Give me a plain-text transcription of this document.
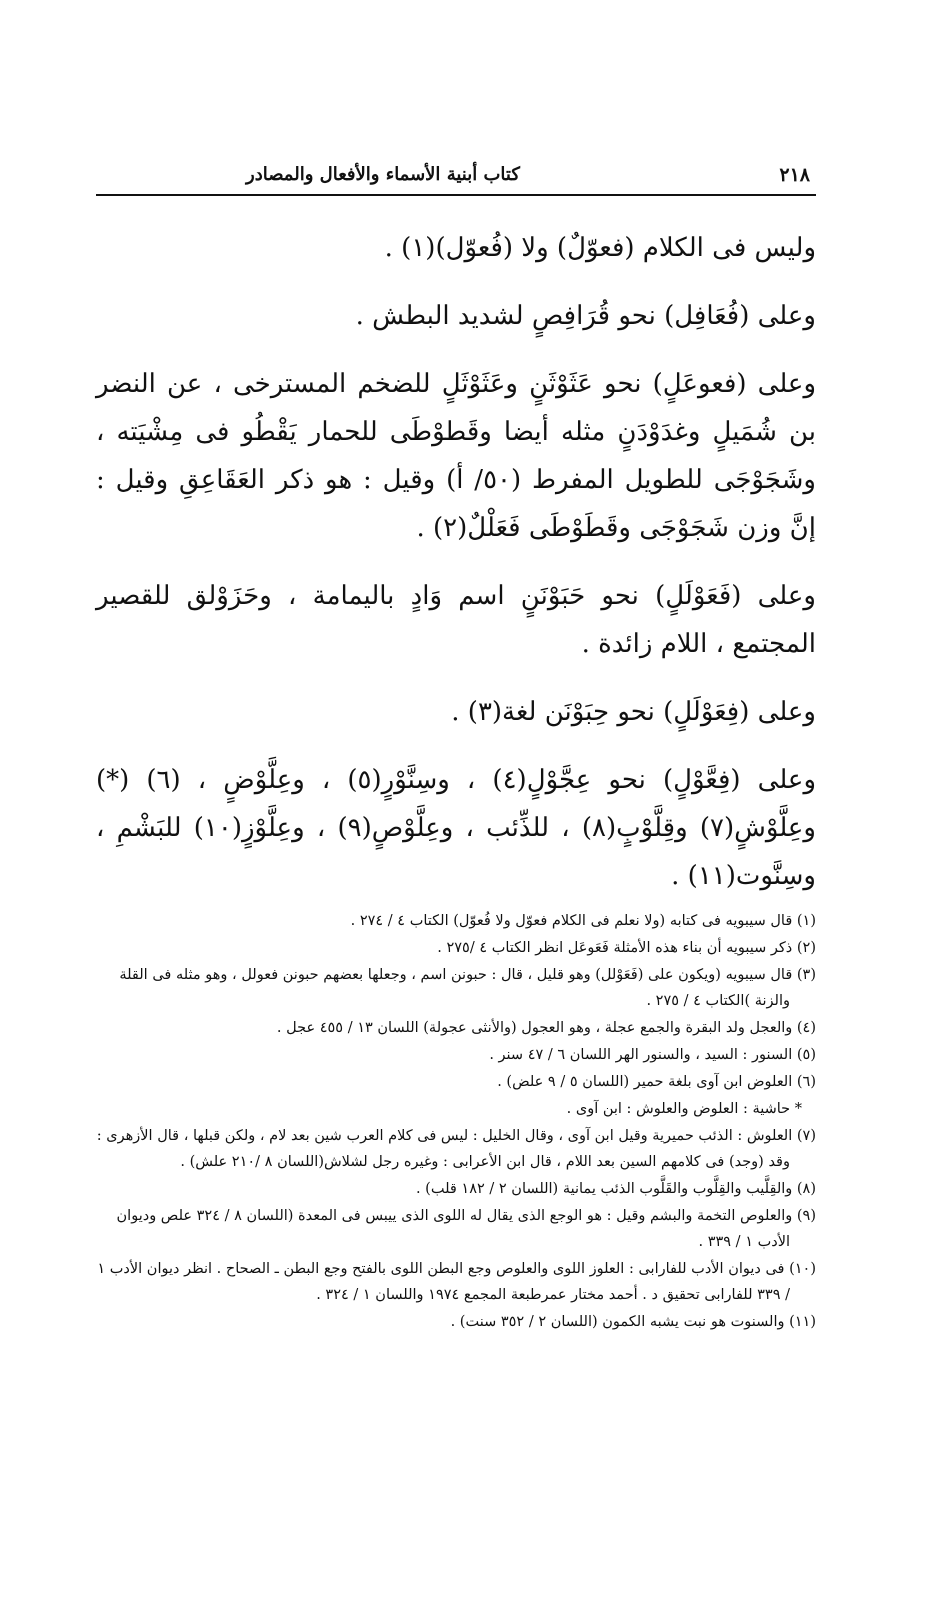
٢١٨
كتاب أبنية الأسماء والأفعال والمصادر

وليس فى الكلام (فعوّلٌ) ولا (فُعوّل)(١) .

وعلى (فُعَافِل) نحو قُرَافِصٍ لشديد البطش .

وعلى (فعوعَلٍ) نحو عَثَوْثَنٍ وعَثَوْثَلٍ للضخم المسترخى ، عن النضر بن شُمَيلٍ وغدَوْدَنٍ مثله أيضا وقَطوْطَى للحمار يَقْطُو فى مِشْيَته ، وشَجَوْجَى للطويل المفرط (٥٠/ أ) وقيل : هو ذكر العَقَاعِقِ وقيل : إنَّ وزن شَجَوْجَى وقَطَوْطَى فَعَلْلٌ(٢) .

وعلى (فَعَوْلَلٍ) نحو حَبَوْنَنٍ اسم وَادٍ باليمامة ، وحَزَوْلق للقصير المجتمع ، اللام زائدة .

وعلى (فِعَوْلَلٍ) نحو حِبَوْنَن لغة(٣) .

وعلى (فِعَّوْلٍ) نحو عِجَّوْلٍ(٤) ، وسِنَّوْرٍ(٥) ، وعِلَّوْضٍ ، (٦) (*) وعِلَّوْشٍ(٧) وقِلَّوْبٍ(٨) ، للذِّئب ، وعِلَّوْصٍ(٩) ، وعِلَّوْزٍ(١٠) للبَشْمِ ، وسِنَّوت(١١) .

(١) قال سيبويه فى كتابه (ولا نعلم فى الكلام فعوّل ولا فُعوّل) الكتاب ٤ / ٢٧٤ .

(٢) ذكر سيبويه أن بناء هذه الأمثلة فَعَوعَل انظر الكتاب ٤ /٢٧٥ .

(٣) قال سيبويه (ويكون على (فَعَوْلل) وهو قليل ، قال : حبونن اسم ، وجعلها بعضهم حبونن فعولل ، وهو مثله فى القلة والزنة )الكتاب ٤ / ٢٧٥ .

(٤) والعجل ولد البقرة والجمع عجلة ، وهو العجول (والأنثى عجولة) اللسان ١٣ / ٤٥٥ عجل .

(٥) السنور : السيد ، والسنور الهر اللسان ٦ / ٤٧ سنر .

(٦) العلوض ابن آوى بلغة حمير (اللسان ٥ / ٩ علض) .

* حاشية : العلوض والعلوش : ابن آوى .

(٧) العلوش : الذئب حميرية وقيل ابن آوى ، وقال الخليل : ليس فى كلام العرب شين بعد لام ، ولكن قبلها ، قال الأزهرى : وقد (وجد) فى كلامهم السين بعد اللام ، قال ابن الأعرابى : وغيره رجل لشلاش(اللسان ٨ /٢١٠ علش) .

(٨) والقِلَّيب والقِلَّوب والقَلَّوب الذئب يمانية (اللسان ٢ / ١٨٢ قلب) .

(٩) والعلوص التخمة والبشم وقيل : هو الوجع الذى يقال له اللوى الذى ييبس فى المعدة (اللسان ٨ / ٣٢٤ علص وديوان الأدب ١ / ٣٣٩ .

(١٠) فى ديوان الأدب للفارابى : العلوز اللوى والعلوص وجع البطن اللوى بالفتح وجع البطن ـ الصحاح . انظر ديوان الأدب ١ / ٣٣٩ للفارابى تحقيق د . أحمد مختار عمرطبعة المجمع ١٩٧٤ واللسان ١ / ٣٢٤ .

(١١) والسنوت هو نبت يشبه الكمون (اللسان ٢ / ٣٥٢ سنت) .
